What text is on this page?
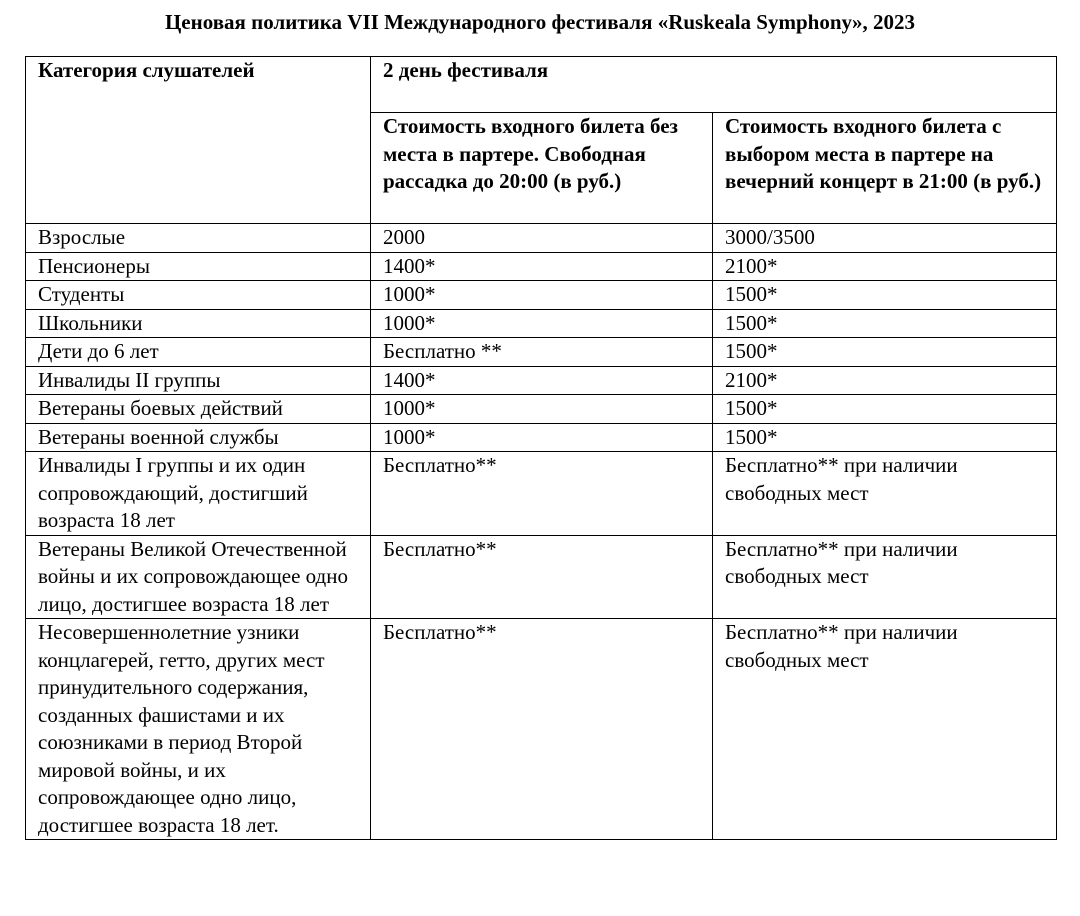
Ценовая политика VII Международного фестиваля «Ruskeala Symphony», 2023
Категория слушателей	2 день фестиваля	
	Стоимость входного билета без места в партере. Свободная рассадка до 20:00 (в руб.)	Стоимость входного билета с выбором места в партере на вечерний концерт в 21:00 (в руб.)
Взрослые	2000	3000/3500
Пенсионеры	1400*	2100*
Студенты	1000*	1500*
Школьники	1000*	1500*
Дети до 6 лет	Бесплатно **	1500*
Инвалиды II группы	1400*	2100*
Ветераны боевых действий	1000*	1500*
Ветераны военной службы	1000*	1500*
Инвалиды I группы и их один сопровождающий, достигший возраста 18 лет	Бесплатно**	Бесплатно** при наличии свободных мест
Ветераны Великой Отечественной войны и их сопровождающее одно лицо, достигшее возраста 18 лет	Бесплатно**	Бесплатно** при наличии свободных мест
Несовершеннолетние узники концлагерей, гетто, других мест принудительного содержания, созданных фашистами и их союзниками в период Второй мировой войны, и их сопровождающее одно лицо, достигшее возраста 18 лет.	Бесплатно**	Бесплатно** при наличии свободных мест
